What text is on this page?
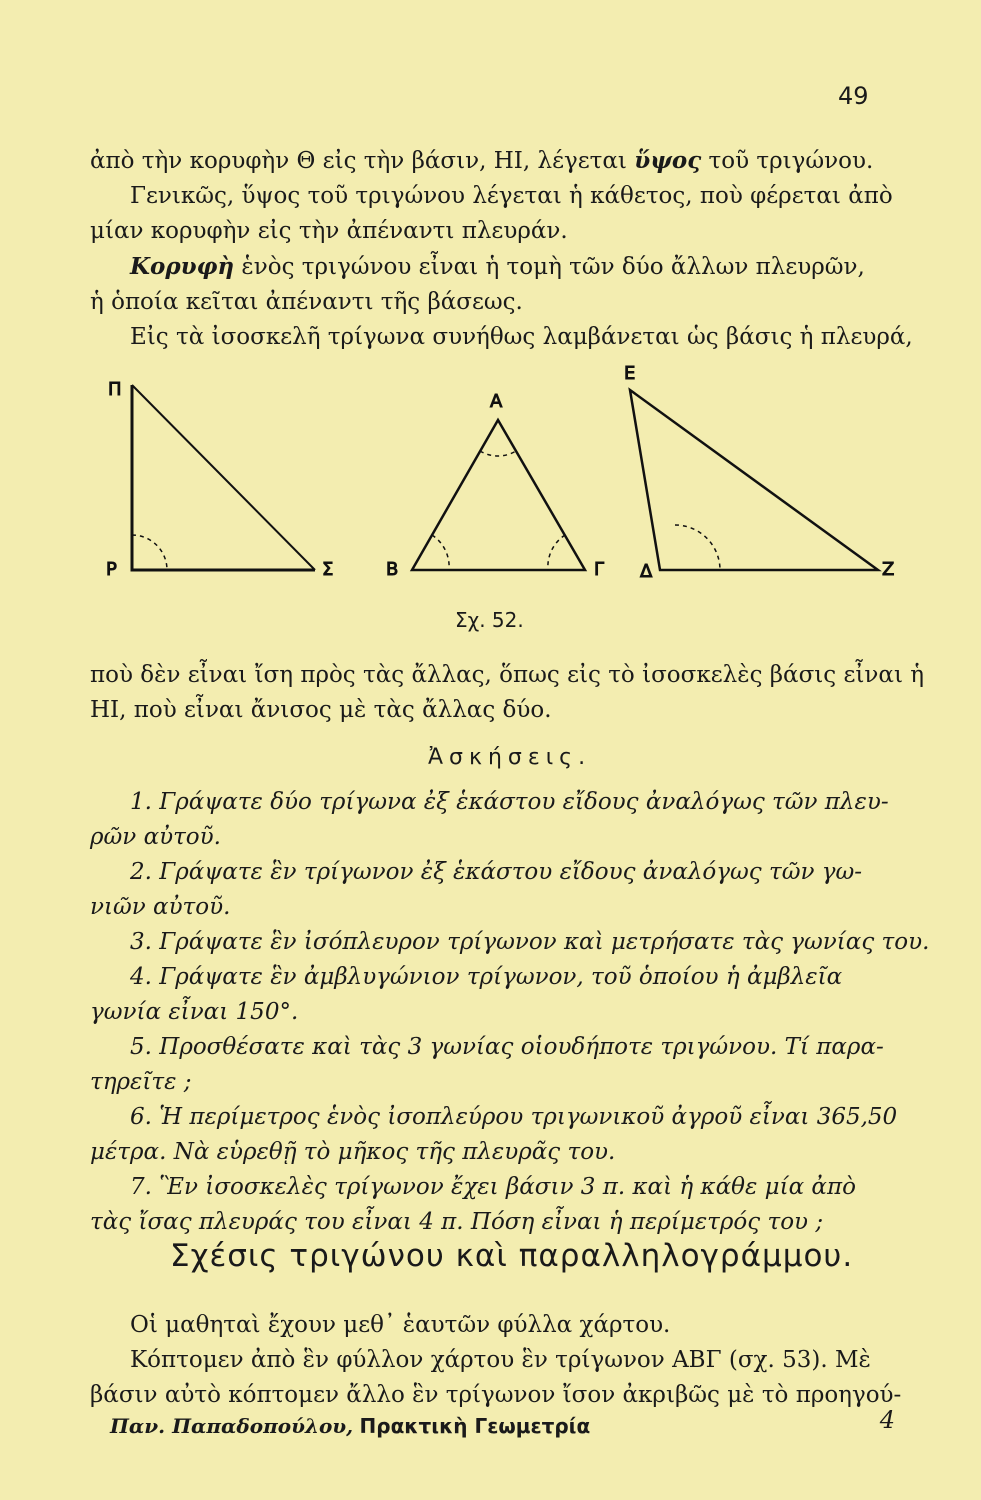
49
ἀπὸ τὴν κορυφὴν Θ εἰς τὴν βάσιν, ΗΙ, λέγεται ὕψος τοῦ τριγώνου.
Γενικῶς, ὕψος τοῦ τριγώνου λέγεται ἡ κάθετος, ποὺ φέρεται ἀπὸ
μίαν κορυφὴν εἰς τὴν ἀπέναντι πλευράν.
Κορυφὴ ἑνὸς τριγώνου εἶναι ἡ τομὴ τῶν δύο ἄλλων πλευρῶν,
ἡ ὁποία κεῖται ἀπέναντι τῆς βάσεως.
Εἰς τὰ ἰσοσκελῆ τρίγωνα συνήθως λαμβάνεται ὡς βάσις ἡ πλευρά,
Π
Ρ	Σ
Α
Β	Γ
Ε
Δ	Ζ
Σχ. 52.
ποὺ δὲν εἶναι ἴση πρὸς τὰς ἄλλας, ὅπως εἰς τὸ ἰσοσκελὲς βάσις εἶναι ἡ
ΗΙ, ποὺ εἶναι ἄνισος μὲ τὰς ἄλλας δύο.
Ἀσκήσεις.
1. Γράψατε δύο τρίγωνα ἐξ ἑκάστου εἴδους ἀναλόγως τῶν πλευ-
ρῶν αὐτοῦ.
2. Γράψατε ἓν τρίγωνον ἐξ ἑκάστου εἴδους ἀναλόγως τῶν γω-
νιῶν αὐτοῦ.
3. Γράψατε ἓν ἰσόπλευρον τρίγωνον καὶ μετρήσατε τὰς γωνίας του.
4. Γράψατε ἓν ἀμβλυγώνιον τρίγωνον, τοῦ ὁποίου ἡ ἀμβλεῖα
γωνία εἶναι 150°.
5. Προσθέσατε καὶ τὰς 3 γωνίας οἱουδήποτε τριγώνου. Τί παρα-
τηρεῖτε ;
6. Ἡ περίμετρος ἑνὸς ἰσοπλεύρου τριγωνικοῦ ἀγροῦ εἶναι 365,50
μέτρα. Νὰ εὑρεθῇ τὸ μῆκος τῆς πλευρᾶς του.
7. Ἓν ἰσοσκελὲς τρίγωνον ἔχει βάσιν 3 π. καὶ ἡ κάθε μία ἀπὸ
τὰς ἴσας πλευράς του εἶναι 4 π. Πόση εἶναι ἡ περίμετρός του ;
Σχέσις τριγώνου καὶ παραλληλογράμμου.
Οἱ μαθηταὶ ἔχουν μεθ᾿ ἑαυτῶν φύλλα χάρτου.
Κόπτομεν ἀπὸ ἓν φύλλον χάρτου ἓν τρίγωνον ΑΒΓ (σχ. 53). Μὲ
βάσιν αὐτὸ κόπτομεν ἄλλο ἓν τρίγωνον ἴσον ἀκριβῶς μὲ τὸ προηγού-
Παν. Παπαδοπούλου, Πρακτικὴ Γεωμετρία	4
